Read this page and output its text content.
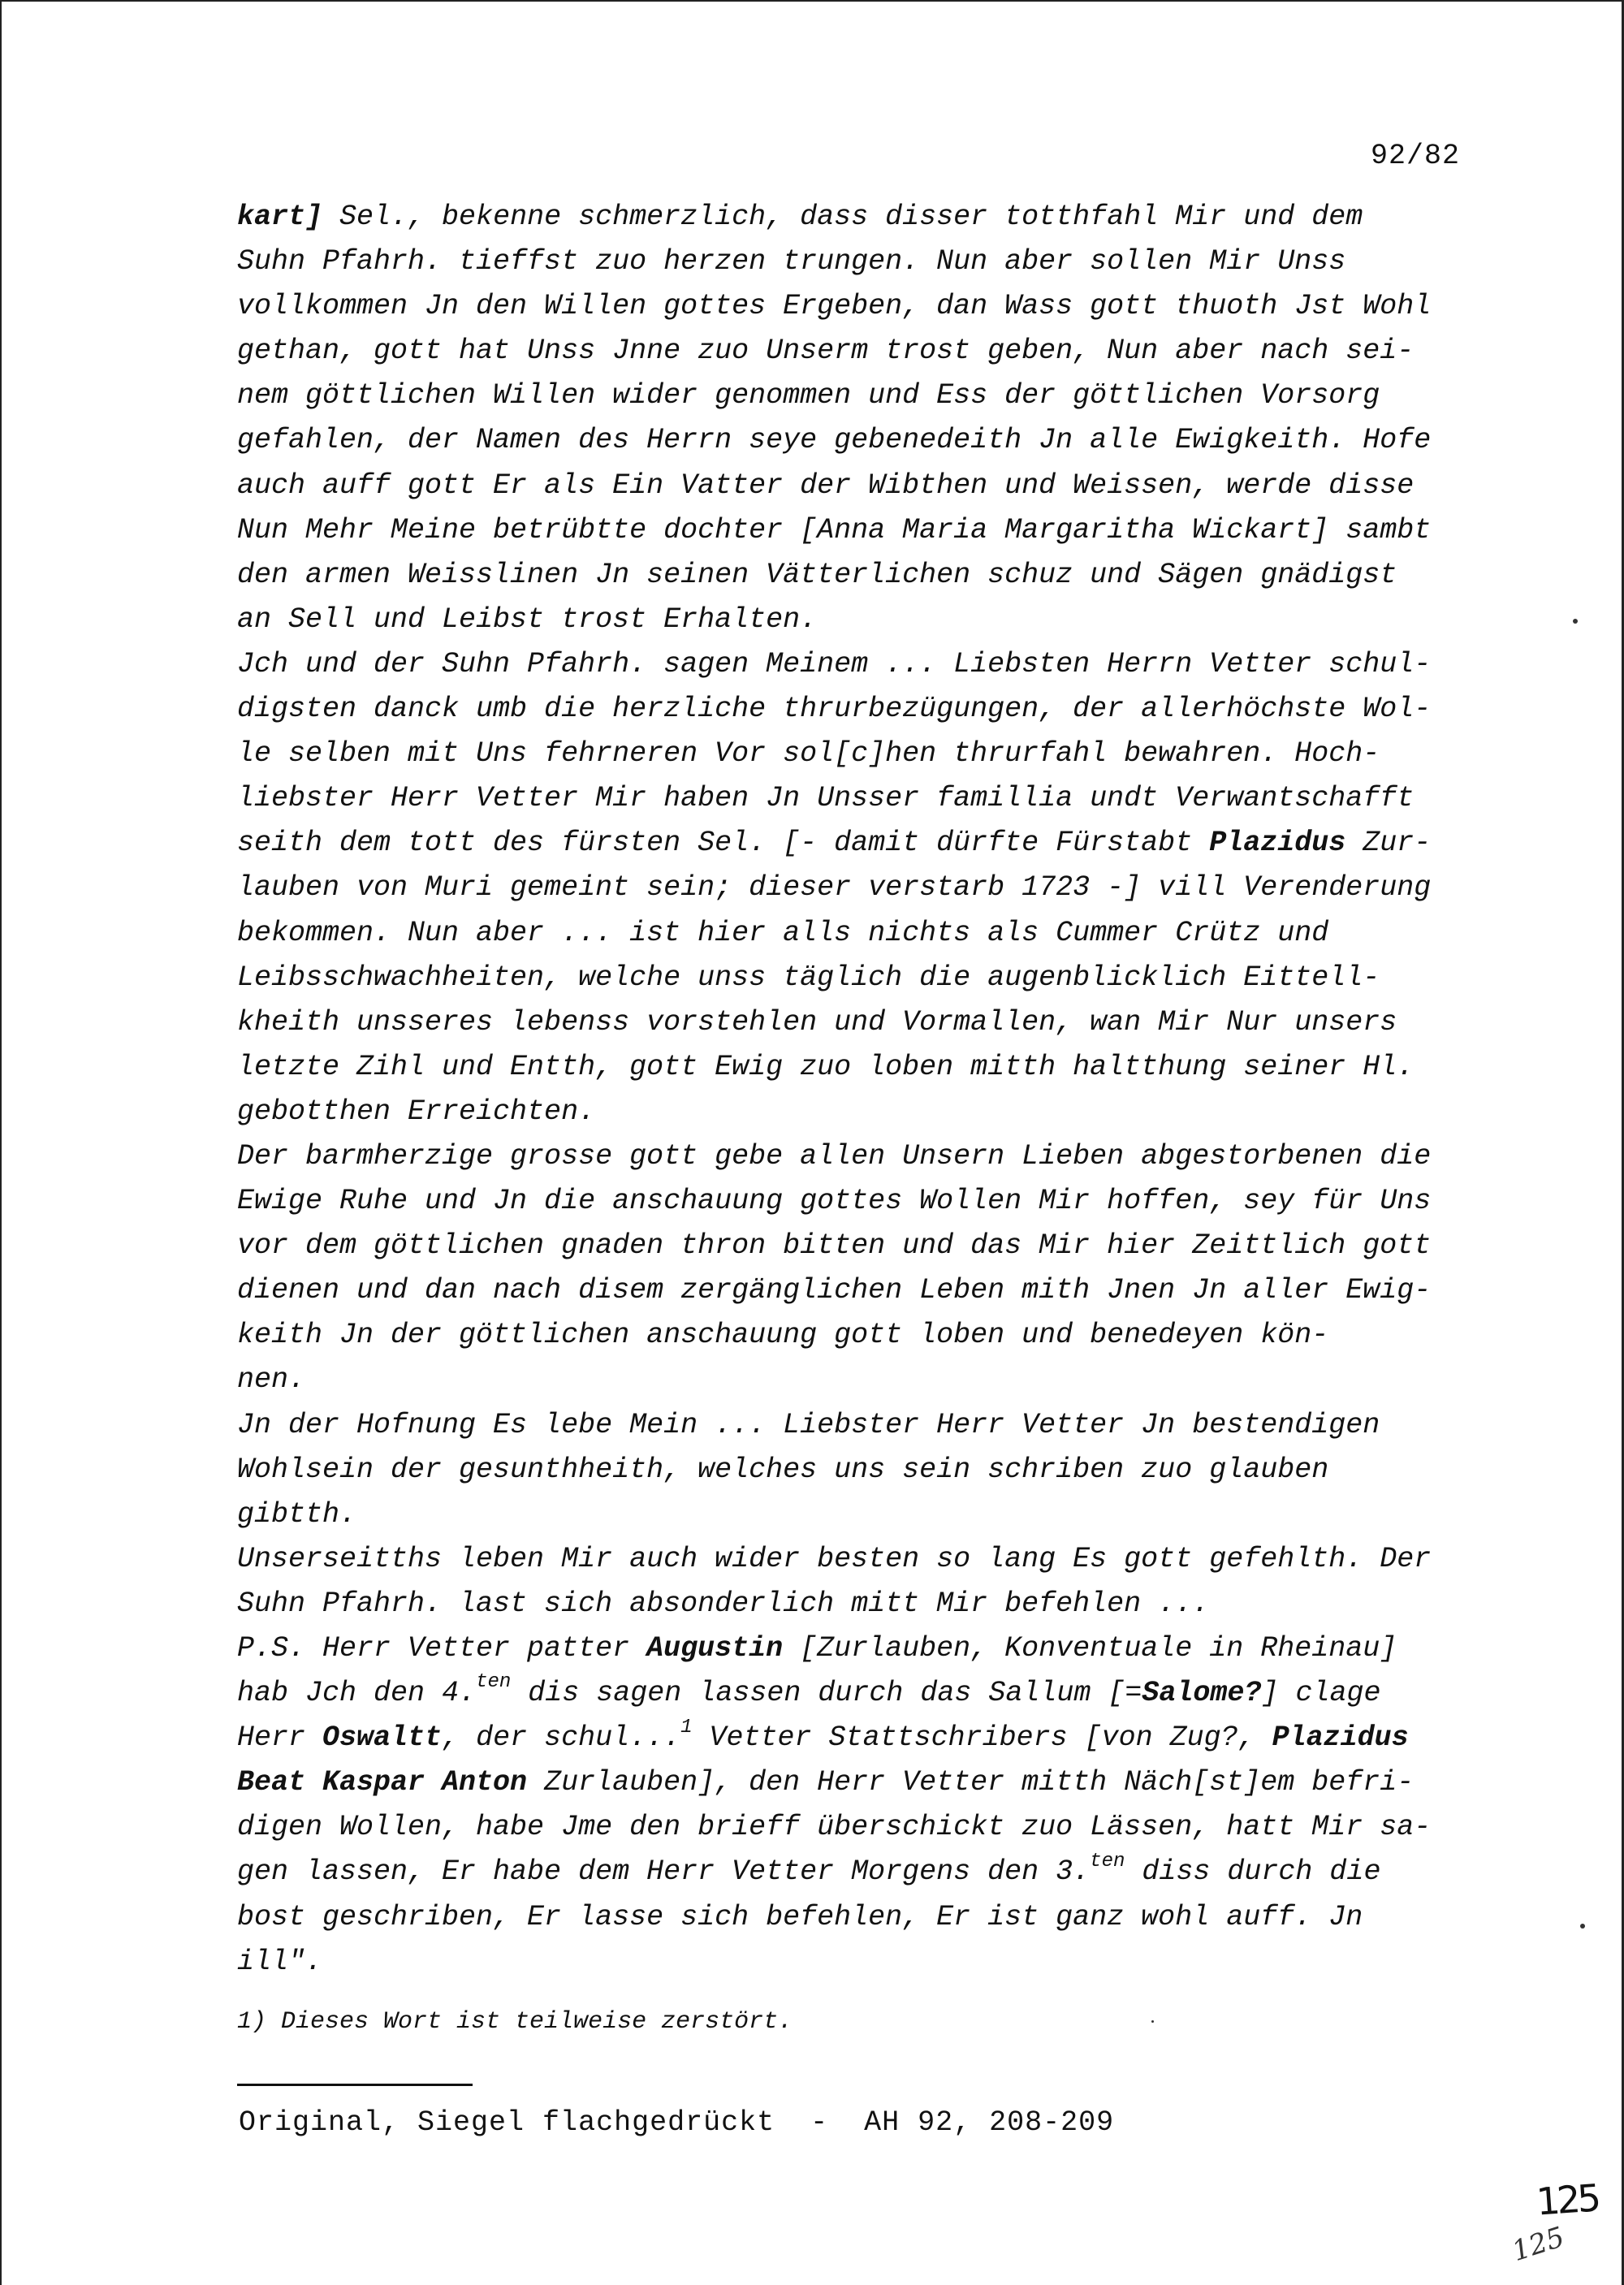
92/82
kart] Sel., bekenne schmerzlich, dass disser totthfahl Mir und dem
Suhn Pfahrh. tieffst zuo herzen trungen. Nun aber sollen Mir Unss
vollkommen Jn den Willen gottes Ergeben, dan Wass gott thuoth Jst Wohl
gethan, gott hat Unss Jnne zuo Unserm trost geben, Nun aber nach sei-
nem göttlichen Willen wider genommen und Ess der göttlichen Vorsorg
gefahlen, der Namen des Herrn seye gebenedeith Jn alle Ewigkeith. Hofe
auch auff gott Er als Ein Vatter der Wibthen und Weissen, werde disse
Nun Mehr Meine betrübtte dochter [Anna Maria Margaritha Wickart] sambt
den armen Weisslinen Jn seinen Vätterlichen schuz und Sägen gnädigst
an Sell und Leibst trost Erhalten.
Jch und der Suhn Pfahrh. sagen Meinem ... Liebsten Herrn Vetter schul-
digsten danck umb die herzliche thrurbezügungen, der allerhöchste Wol-
le selben mit Uns fehrneren Vor sol[c]hen thrurfahl bewahren. Hoch-
liebster Herr Vetter Mir haben Jn Unsser famillia undt Verwantschafft
seith dem tott des fürsten Sel. [- damit dürfte Fürstabt Plazidus Zur-
lauben von Muri gemeint sein; dieser verstarb 1723 -] vill Verenderung
bekommen. Nun aber ... ist hier alls nichts als Cummer Crütz und
Leibsschwachheiten, welche unss täglich die augenblicklich Eittell-
kheith unsseres lebenss vorstehlen und Vormallen, wan Mir Nur unsers
letzte Zihl und Entth, gott Ewig zuo loben mitth haltthung seiner Hl.
gebotthen Erreichten.
Der barmherzige grosse gott gebe allen Unsern Lieben abgestorbenen die
Ewige Ruhe und Jn die anschauung gottes Wollen Mir hoffen, sey für Uns
vor dem göttlichen gnaden thron bitten und das Mir hier Zeittlich gott
dienen und dan nach disem zergänglichen Leben mith Jnen Jn aller Ewig-
keith Jn der göttlichen anschauung gott loben und benedeyen kön-
nen.
Jn der Hofnung Es lebe Mein ... Liebster Herr Vetter Jn bestendigen
Wohlsein der gesunthheith, welches uns sein schriben zuo glauben
gibtth.
Unserseitths leben Mir auch wider besten so lang Es gott gefehlth. Der
Suhn Pfahrh. last sich absonderlich mitt Mir befehlen ...
P.S. Herr Vetter patter Augustin [Zurlauben, Konventuale in Rheinau]
hab Jch den 4.$^{ten}$ dis sagen lassen durch das Sallum [=Salome?] clage
Herr Oswaltt, der schul...$^1$ Vetter Stattschribers [von Zug?, Plazidus
Beat Kaspar Anton Zurlauben], den Herr Vetter mitth Näch[st]em befri-
digen Wollen, habe Jme den brieff überschickt zuo Lässen, hatt Mir sa-
gen lassen, Er habe dem Herr Vetter Morgens den 3.$^{ten}$ diss durch die
bost geschriben, Er lasse sich befehlen, Er ist ganz wohl auff. Jn
ill".
1) Dieses Wort ist teilweise zerstört.
Original, Siegel flachgedrückt  -  AH 92, 208-209
125
125
